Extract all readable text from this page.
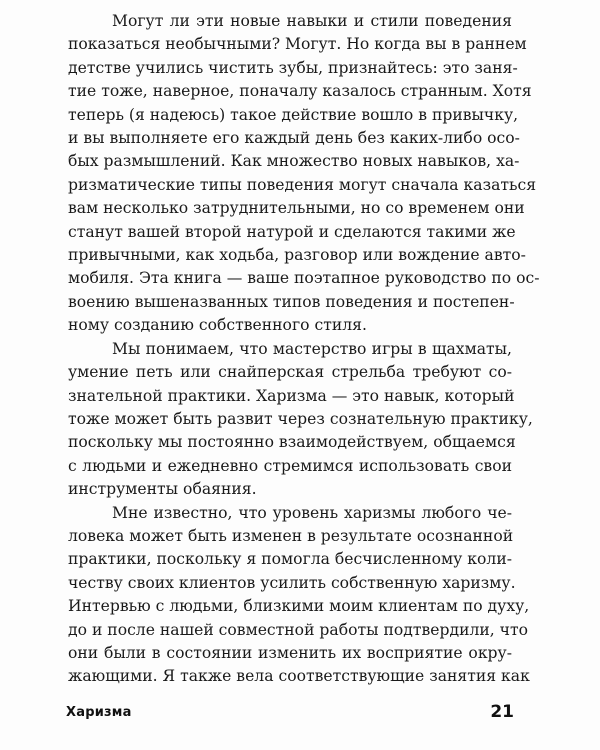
Могут ли эти новые навыки и стили поведения
показаться необычными? Могут. Но когда вы в раннем
детстве учились чистить зубы, признайтесь: это заня-
тие тоже, наверное, поначалу казалось странным. Хотя
теперь (я надеюсь) такое действие вошло в привычку,
и вы выполняете его каждый день без каких-либо осо-
бых размышлений. Как множество новых навыков, ха-
ризматические типы поведения могут сначала казаться
вам несколько затруднительными, но со временем они
станут вашей второй натурой и сделаются такими же
привычными, как ходьба, разговор или вождение авто-
мобиля. Эта книга — ваше поэтапное руководство по ос-
воению вышеназванных типов поведения и постепен-
ному созданию собственного стиля.
Мы понимаем, что мастерство игры в щахматы,
умение петь или снайперская стрельба требуют со-
знательной практики. Харизма — это навык, который
тоже может быть развит через сознательную практику,
поскольку мы постоянно взаимодействуем, общаемся
с людьми и ежедневно стремимся использовать свои
инструменты обаяния.
Мне известно, что уровень харизмы любого че-
ловека может быть изменен в результате осознанной
практики, поскольку я помогла бесчисленному коли-
честву своих клиентов усилить собственную харизму.
Интервью с людьми, близкими моим клиентам по духу,
до и после нашей совместной работы подтвердили, что
они были в состоянии изменить их восприятие окру-
жающими. Я также вела соответствующие занятия как
Харизма	21
